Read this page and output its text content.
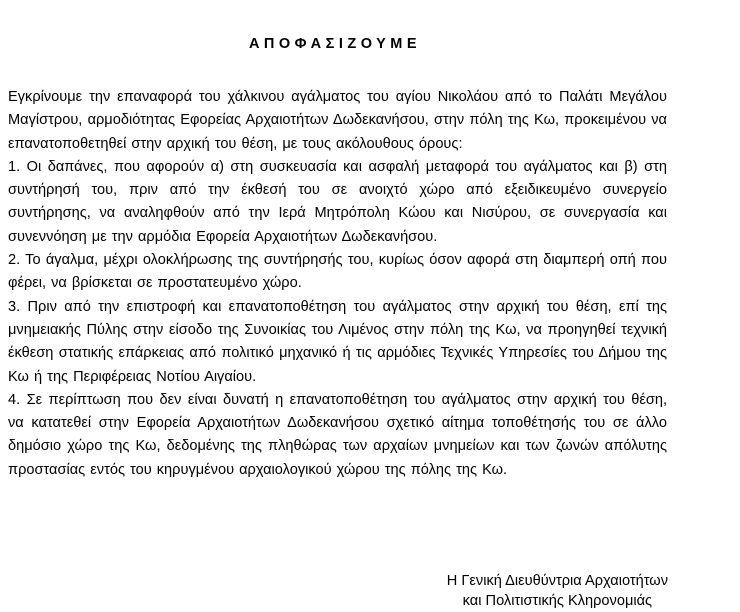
ΑΠΟΦΑΣΙΖΟΥΜΕ

Εγκρίνουμε την επαναφορά του χάλκινου αγάλματος του αγίου Νικολάου από το Παλάτι Μεγάλου Μαγίστρου, αρμοδιότητας Εφορείας Αρχαιοτήτων Δωδεκανήσου, στην πόλη της Κω, προκειμένου να επανατοποθετηθεί στην αρχική του θέση, με τους ακόλουθους όρους:

1. Οι δαπάνες, που αφορούν α) στη συσκευασία και ασφαλή μεταφορά του αγάλματος και β) στη συντήρησή του, πριν από την έκθεσή του σε ανοιχτό χώρο από εξειδικευμένο συνεργείο συντήρησης, να αναληφθούν από την Ιερά Μητρόπολη Κώου και Νισύρου, σε συνεργασία και συνεννόηση με την αρμόδια Εφορεία Αρχαιοτήτων Δωδεκανήσου.

2. Το άγαλμα, μέχρι ολοκλήρωσης της συντήρησής του, κυρίως όσον αφορά στη διαμπερή οπή που φέρει, να βρίσκεται σε προστατευμένο χώρο.

3. Πριν από την επιστροφή και επανατοποθέτηση του αγάλματος στην αρχική του θέση, επί της μνημειακής Πύλης στην είσοδο της Συνοικίας του Λιμένος στην πόλη της Κω, να προηγηθεί τεχνική έκθεση στατικής επάρκειας από πολιτικό μηχανικό ή τις αρμόδιες Τεχνικές Υπηρεσίες του Δήμου της Κω ή της Περιφέρειας Νοτίου Αιγαίου.

4. Σε περίπτωση που δεν είναι δυνατή η επανατοποθέτηση του αγάλματος στην αρχική του θέση, να κατατεθεί στην Εφορεία Αρχαιοτήτων Δωδεκανήσου σχετικό αίτημα τοποθέτησής του σε άλλο δημόσιο χώρο της Κω, δεδομένης της πληθώρας των αρχαίων μνημείων και των ζωνών απόλυτης προστασίας εντός του κηρυγμένου αρχαιολογικού χώρου της πόλης της Κω.

Η Γενική Διευθύντρια Αρχαιοτήτων
και Πολιτιστικής Κληρονομιάς
